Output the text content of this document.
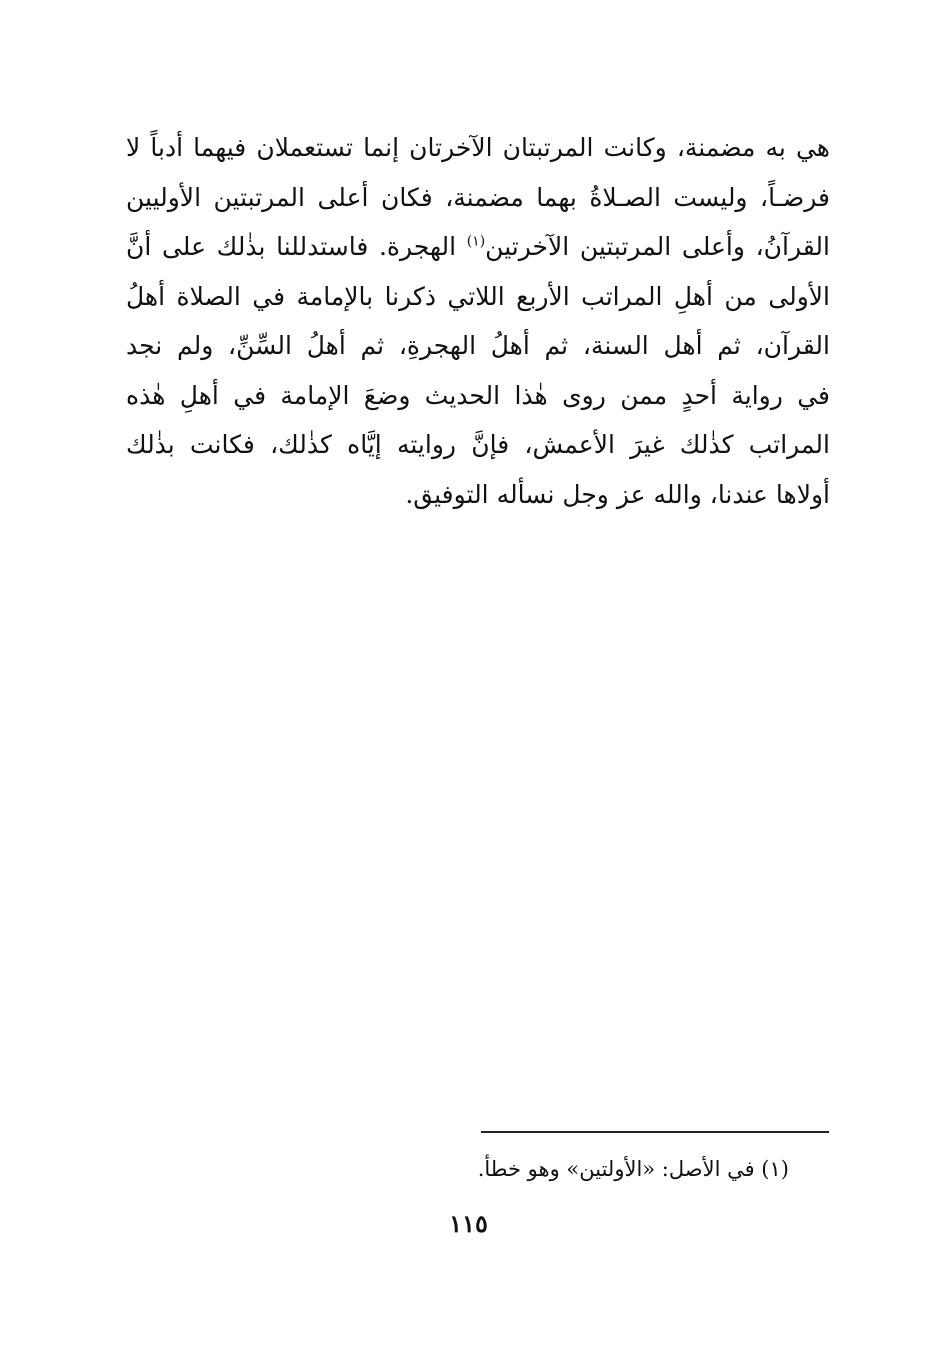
هي به مضمنة، وكانت المرتبتان الآخرتان إنما تستعملان فيهما أدباً لا
فرضـاً، وليست الصـلاةُ بهما مضمنة، فكان أعلى المرتبتين الأوليين
القرآنُ، وأعلى المرتبتين الآخرتين$^{(١)}$ الهجرة. فاستدللنا بذٰلك على أنَّ
الأولى من أهلِ المراتب الأربع اللاتي ذكرنا بالإمامة في الصلاة أهلُ
القرآن، ثم أهل السنة، ثم أهلُ الهجرةِ، ثم أهلُ السِّنِّ، ولم نجد
في رواية أحدٍ ممن روى هٰذا الحديث وضعَ الإمامة في أهلِ هٰذه
المراتب كذٰلك غيرَ الأعمش، فإنَّ روايته إيَّاه كذٰلك، فكانت بذٰلك
أولاها عندنا، والله عز وجل نسأله التوفيق.
(١) في الأصل: «الأولتين» وهو خطأ.
١١٥
